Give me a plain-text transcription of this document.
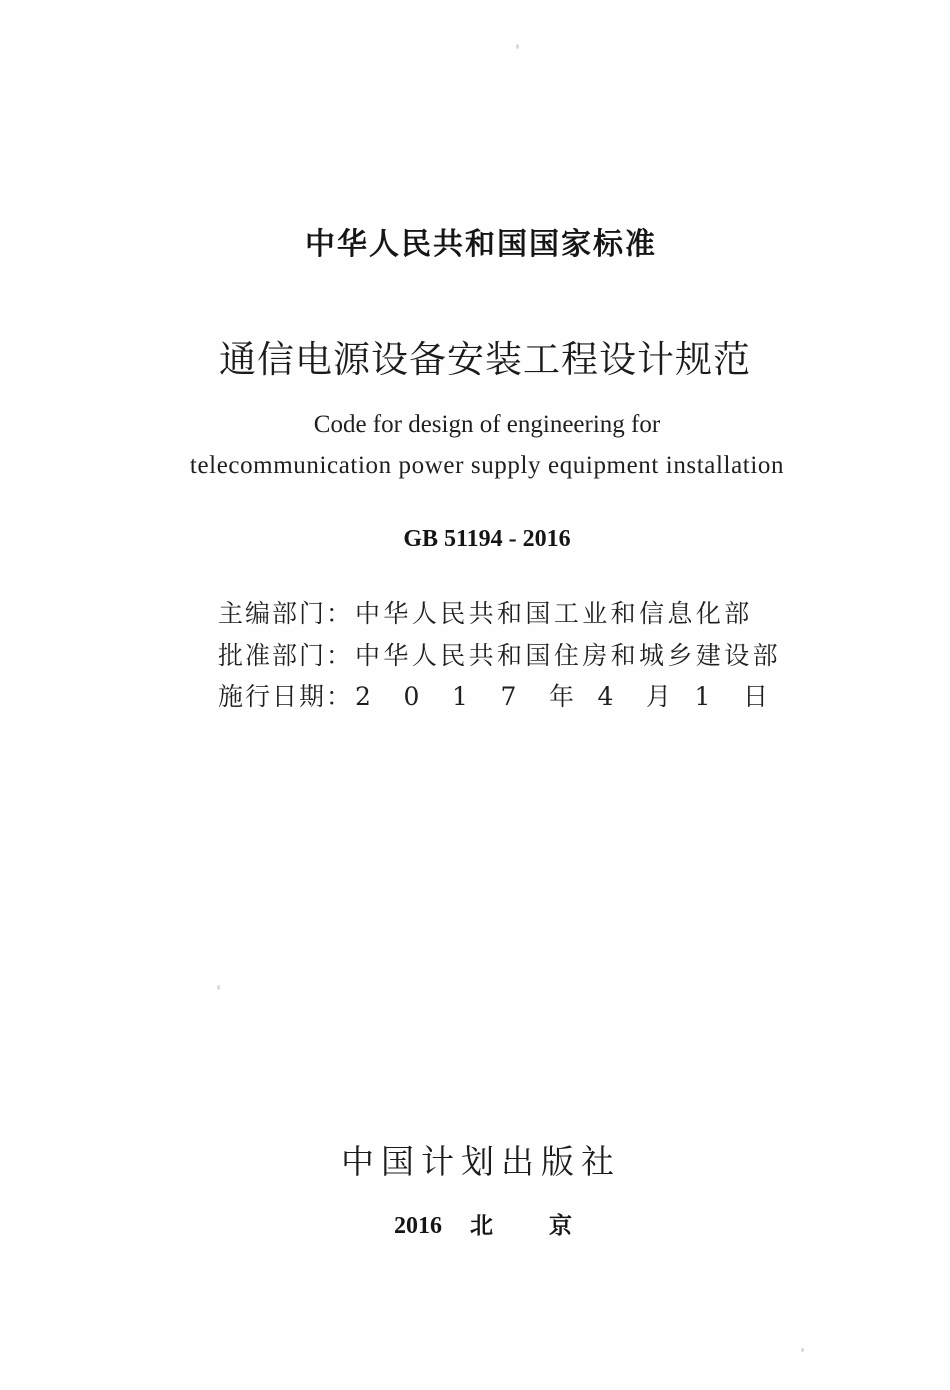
中华人民共和国国家标准
通信电源设备安装工程设计规范
Code for design of engineering for
telecommunication power supply equipment installation
GB 51194 - 2016
主编部门 ： 中华人民共和国工业和信息化部
批准部门 ： 中华人民共和国住房和城乡建设部
施行日期 ： 2	0	1	7	年 4	月 1	日
中国计划出版社
2016 北 京
